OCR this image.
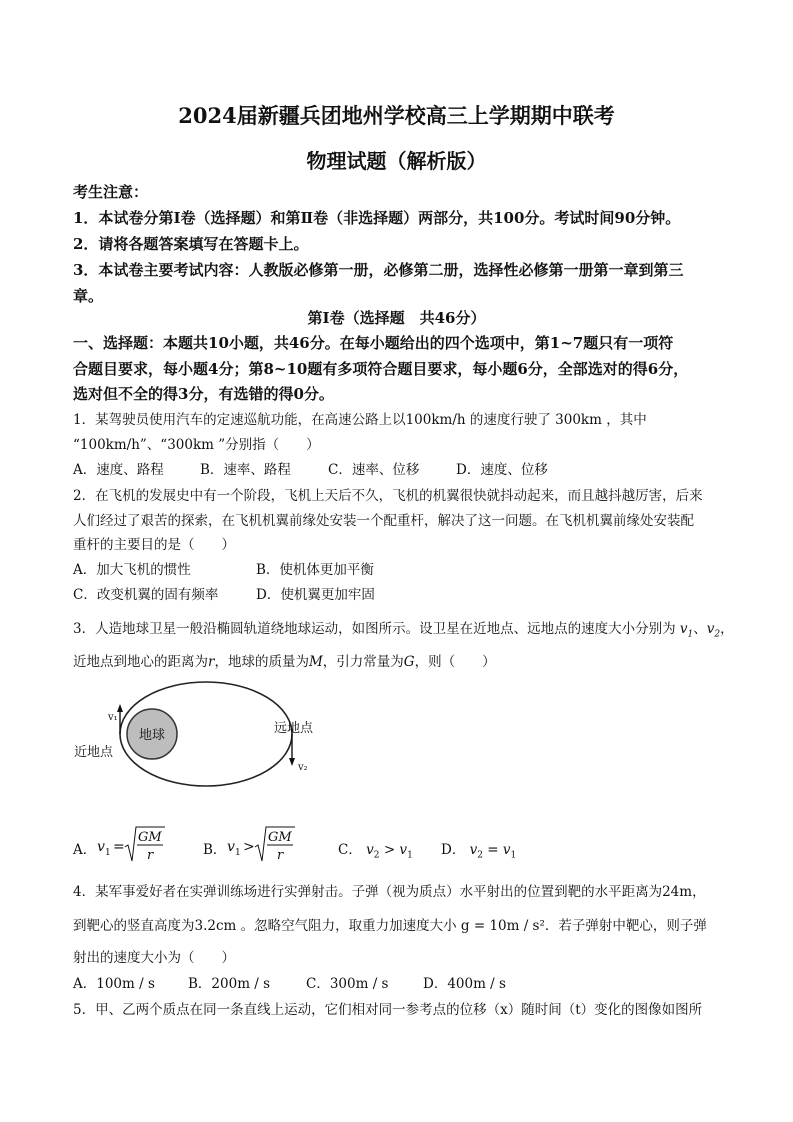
2024届新疆兵团地州学校高三上学期期中联考
物理试题（解析版）
考生注意：
1．本试卷分第Ⅰ卷（选择题）和第Ⅱ卷（非选择题）两部分，共100分。考试时间90分钟。
2．请将各题答案填写在答题卡上。
3．本试卷主要考试内容：人教版必修第一册，必修第二册，选择性必修第一册第一章到第三
章。
第Ⅰ卷（选择题　共46分）
一、选择题：本题共10小题，共46分。在每小题给出的四个选项中，第1~7题只有一项符
合题目要求，每小题4分；第8~10题有多项符合题目要求，每小题6分，全部选对的得6分，
选对但不全的得3分，有选错的得0分。
1．某驾驶员使用汽车的定速巡航功能，在高速公路上以100km/h 的速度行驶了 300km ，其中
“100km/h”、“300km ”分别指（　　）
A．速度、路程	B．速率、路程	C．速率、位移	D．速度、位移
2．在飞机的发展史中有一个阶段，飞机上天后不久，飞机的机翼很快就抖动起来，而且越抖越厉害，后来
人们经过了艰苦的探索，在飞机机翼前缘处安装一个配重杆，解决了这一问题。在飞机机翼前缘处安装配
重杆的主要目的是（　　）
A．加大飞机的惯性	B．使机体更加平衡
C．改变机翼的固有频率	D．使机翼更加牢固
3．人造地球卫星一般沿椭圆轨道绕地球运动，如图所示。设卫星在近地点、远地点的速度大小分别为 $v_1$、$v_2$，
近地点到地心的距离为r，地球的质量为M，引力常量为G，则（　　）
地球
v₁
近地点
v₂
远地点
A． v 1 =
GM
r	B． v 1 >
GM
r	C． $v_2 > v_1$ D． $v_2 = v_1$
4．某军事爱好者在实弹训练场进行实弹射击。子弹（视为质点）水平射出的位置到靶的水平距离为24m，
到靶心的竖直高度为3.2cm 。忽略空气阻力，取重力加速度大小 g = 10m / s²．若子弹射中靶心，则子弹
射出的速度大小为（　　）
A．100m / s B．200m / s	C．300m / s	D．400m / s
5．甲、乙两个质点在同一条直线上运动，它们相对同一参考点的位移（x）随时间（t）变化的图像如图所
